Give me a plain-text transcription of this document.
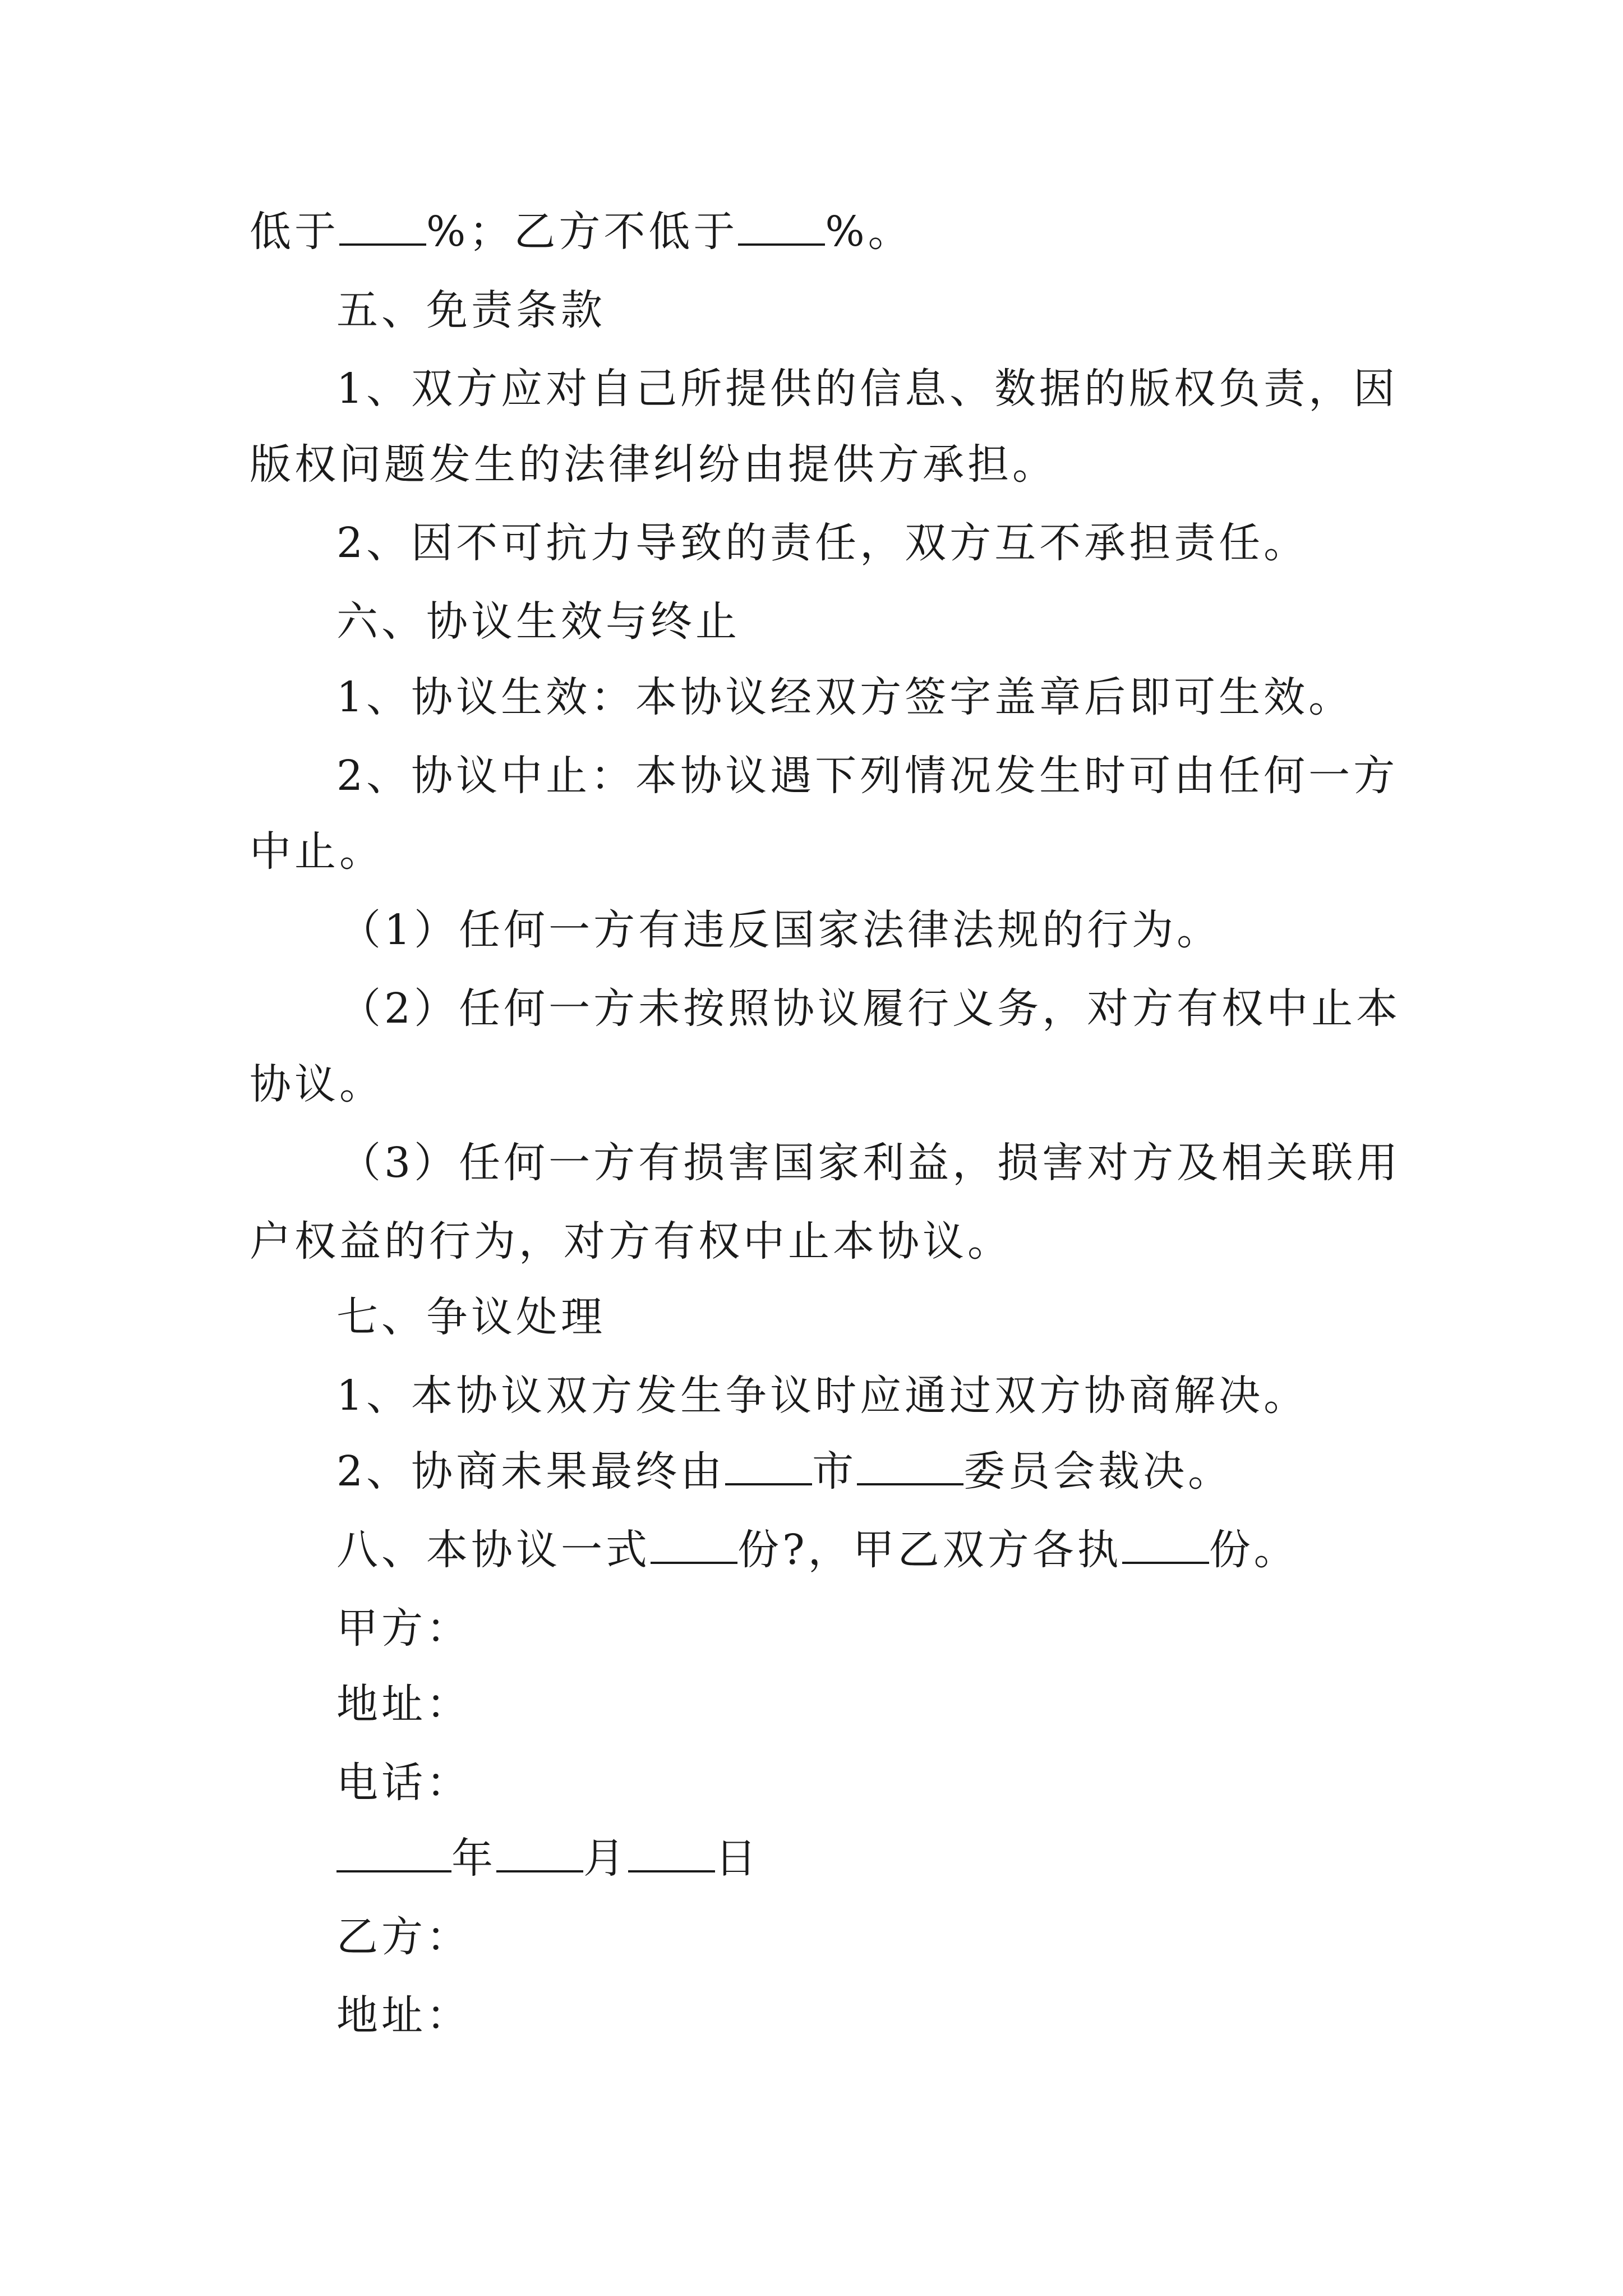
低于 %；乙方不低于 %。
五、免责条款
1、双方应对自己所提供的信息、数据的版权负责，因
版权问题发生的法律纠纷由提供方承担。
2、因不可抗力导致的责任，双方互不承担责任。
六、协议生效与终止
1、协议生效：本协议经双方签字盖章后即可生效。
2、协议中止：本协议遇下列情况发生时可由任何一方
中止。
（1）任何一方有违反国家法律法规的行为。
（2）任何一方未按照协议履行义务，对方有权中止本
协议。
（3）任何一方有损害国家利益，损害对方及相关联用
户权益的行为，对方有权中止本协议。
七、争议处理
1、本协议双方发生争议时应通过双方协商解决。
2、协商未果最终由 市	委员会裁决。
八、本协议一式 份?，甲乙双方各执 份。
甲方：
地址：
电话：
年 月 日
乙方：
地址：
